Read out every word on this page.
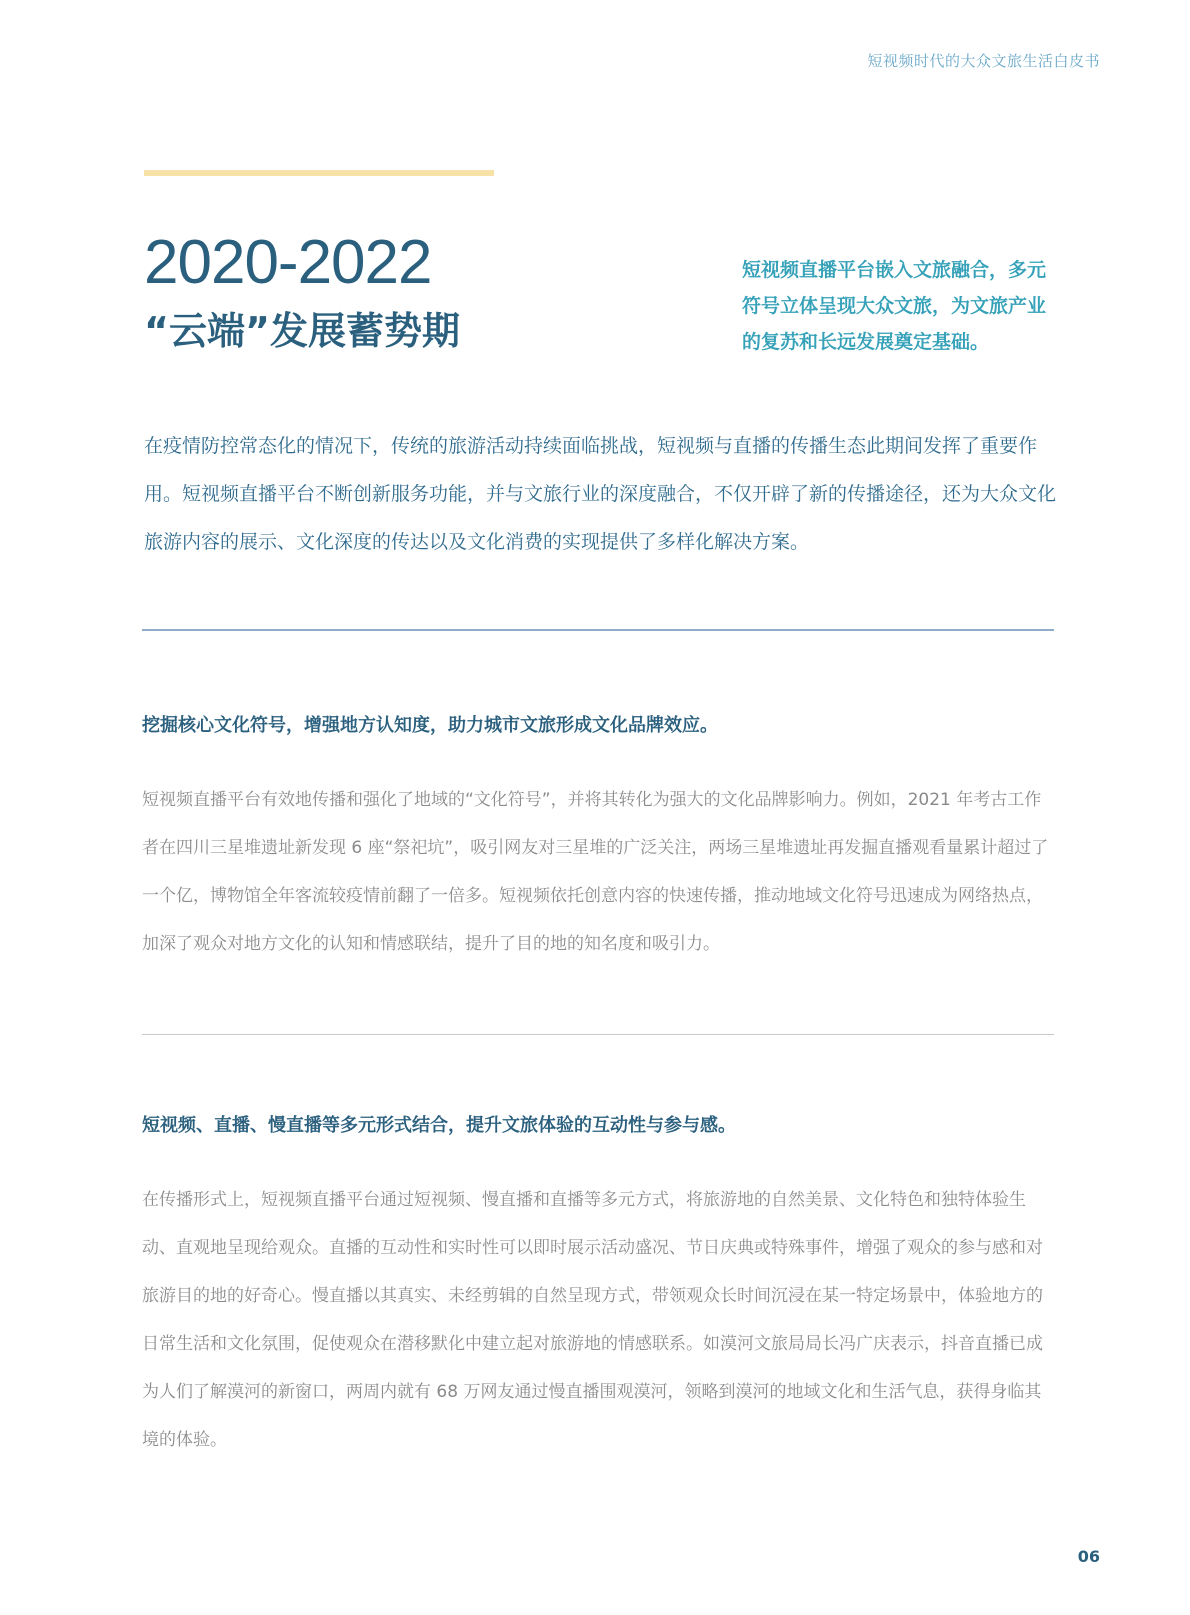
短视频时代的大众文旅生活白皮书
2020-2022
“云端”发展蓄势期
短视频直播平台嵌入文旅融合，多元符号立体呈现大众文旅，为文旅产业的复苏和长远发展奠定基础。
在疫情防控常态化的情况下，传统的旅游活动持续面临挑战，短视频与直播的传播生态此期间发挥了重要作用。短视频直播平台不断创新服务功能，并与文旅行业的深度融合，不仅开辟了新的传播途径，还为大众文化旅游内容的展示、文化深度的传达以及文化消费的实现提供了多样化解决方案。
挖掘核心文化符号，增强地方认知度，助力城市文旅形成文化品牌效应。
短视频直播平台有效地传播和强化了地域的“文化符号”，并将其转化为强大的文化品牌影响力。例如，2021 年考古工作者在四川三星堆遗址新发现 6 座“祭祀坑”，吸引网友对三星堆的广泛关注，两场三星堆遗址再发掘直播观看量累计超过了一个亿，博物馆全年客流较疫情前翻了一倍多。短视频依托创意内容的快速传播，推动地域文化符号迅速成为网络热点，加深了观众对地方文化的认知和情感联结，提升了目的地的知名度和吸引力。
短视频、直播、慢直播等多元形式结合，提升文旅体验的互动性与参与感。
在传播形式上，短视频直播平台通过短视频、慢直播和直播等多元方式，将旅游地的自然美景、文化特色和独特体验生动、直观地呈现给观众。直播的互动性和实时性可以即时展示活动盛况、节日庆典或特殊事件，增强了观众的参与感和对旅游目的地的好奇心。慢直播以其真实、未经剪辑的自然呈现方式，带领观众长时间沉浸在某一特定场景中，体验地方的日常生活和文化氛围，促使观众在潜移默化中建立起对旅游地的情感联系。如漠河文旅局局长冯广庆表示，抖音直播已成为人们了解漠河的新窗口，两周内就有 68 万网友通过慢直播围观漠河，领略到漠河的地域文化和生活气息，获得身临其境的体验。
06
